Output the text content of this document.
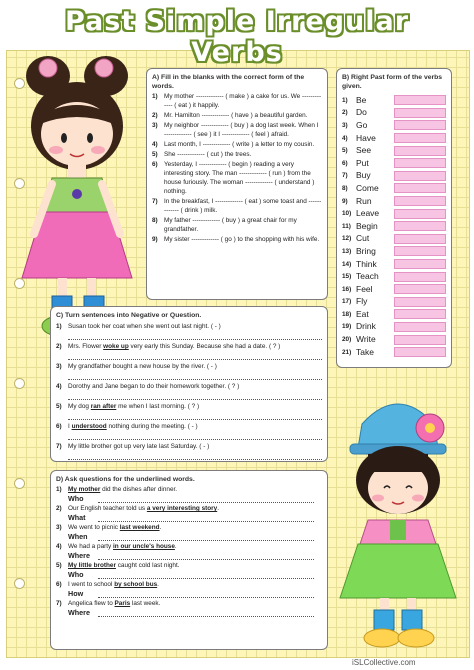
Past Simple Irregular Verbs
A) Fill in the blanks with the correct form of the words.
1) My mother ------------- ( make ) a cake for us. We ------------- ( eat ) it happily.
2) Mr. Hamilton ------------- ( have ) a beautiful garden.
3) My neighbor ------------- ( buy ) a dog last week. When I ------------- ( see ) it I ------------- ( feel ) afraid.
4) Last month, I ------------- ( write ) a letter to my cousin.
5) She ------------- ( cut ) the trees.
6) Yesterday, I ------------- ( begin ) reading a very interesting story. The man ------------- ( run ) from the house furiously. The woman ------------- ( understand ) nothing.
7) In the breakfast, I ------------- ( eat ) some toast and ------------- ( drink ) milk.
8) My father ------------- ( buy ) a great chair for my grandfather.
9) My sister ------------- ( go ) to the shopping with his wife.
B) Right Past form of the verbs given.
1) Be
2) Do
3) Go
4) Have
5) See
6) Put
7) Buy
8) Come
9) Run
10) Leave
11) Begin
12) Cut
13) Bring
14) Think
15) Teach
16) Feel
17) Fly
18) Eat
19) Drink
20) Write
21) Take
C) Turn sentences into Negative or Question.
1) Susan took her coat when she went out last night. ( - )
2) Mrs. Flower woke up very early this Sunday. Because she had a date. ( ? )
3) My grandfather bought a new house by the river. ( - )
4) Dorothy and Jane began to do their homework together. ( ? )
5) My dog ran after me when I last morning. ( ? )
6) I understood nothing during the meeting. ( - )
7) My little brother got up very late last Saturday. ( - )
D) Ask questions for the underlined words.
1) My mother did the dishes after dinner.
Who
2) Our English teacher told us a very interesting story.
What
3) We went to picnic last weekend.
When
4) We had a party in our uncle's house.
Where
5) My little brother caught cold last night.
Who
6) I went to school by school bus.
How
7) Angelica flew to Paris last week.
Where
iSLCollective.com
